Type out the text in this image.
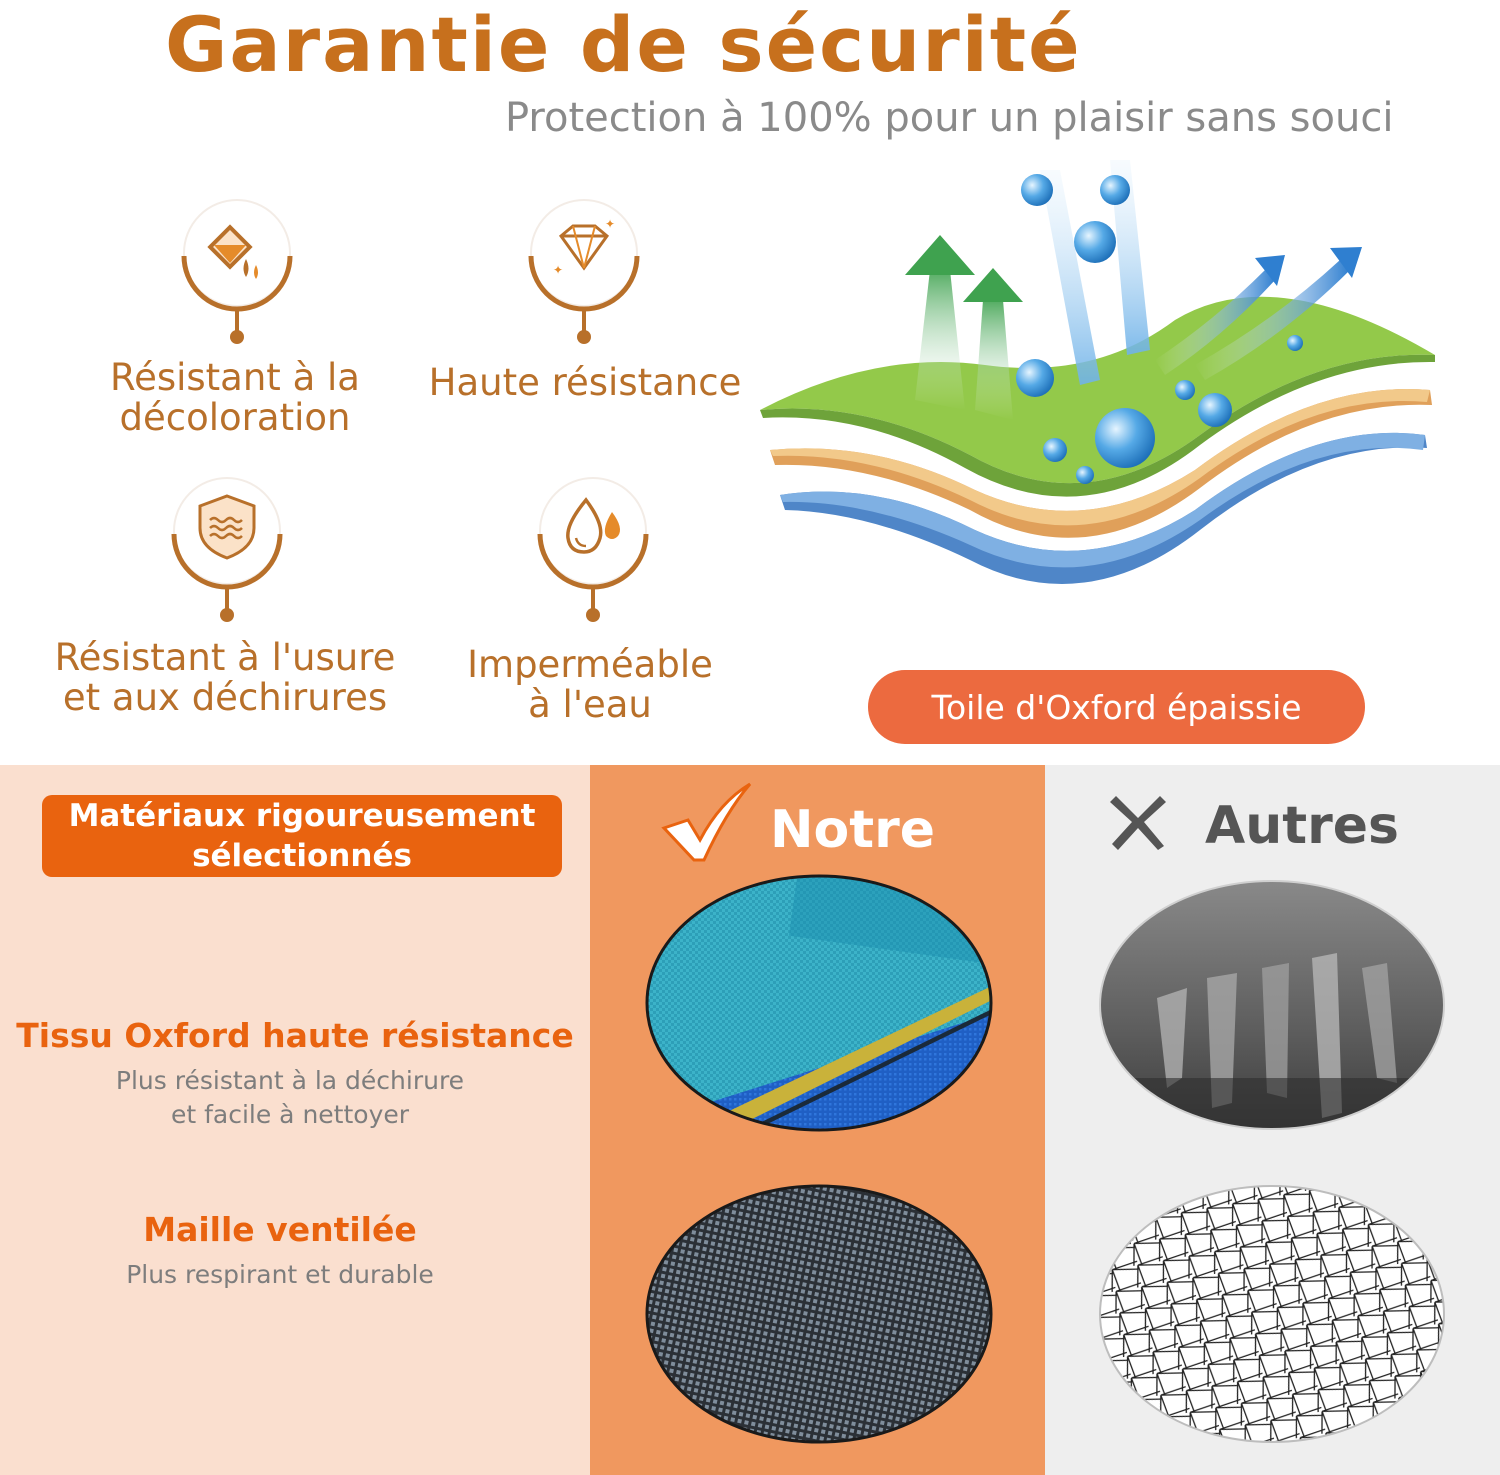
Garantie de sécurité
Protection à 100% pour un plaisir sans souci
Résistant à la
décoloration
✦
✦
Haute résistance
Résistant à l'usure
et aux déchirures
Imperméable
à l'eau	Toile d'Oxford épaissie
Matériaux rigoureusement
sélectionnés	Notre	Autres
Tissu Oxford haute résistance
Plus résistant à la déchirure
et facile à nettoyer
Maille ventilée
Plus respirant et durable
